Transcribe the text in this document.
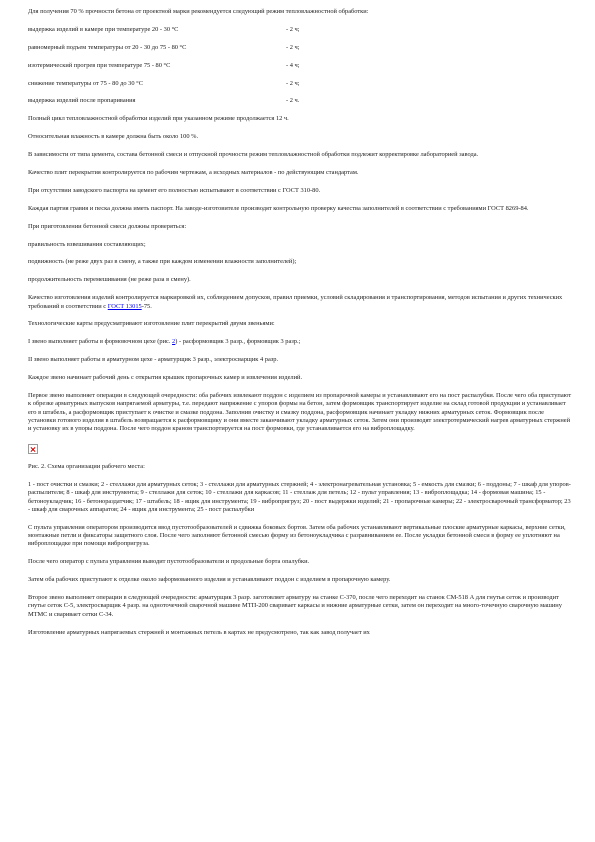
Для получения 70 % прочности бетона от проектной марки рекомендуется следующий режим тепловлажностной обработки:

выдержка изделий в камере при температуре 20 - 30 °С	- 2 ч;
равномерный подъем температуры от 20 - 30 до 75 - 80 °С	- 2 ч;
изотермический прогрев при температуре 75 - 80 °С	- 4 ч;
снижение температуры от 75 - 80 до 30 °С	- 2 ч;
выдержка изделий после пропаривания	- 2 ч.

Полный цикл тепловлажностной обработки изделий при указанном режиме продолжается 12 ч.

Относительная влажность в камере должна быть около 100 %.

В зависимости от типа цемента, состава бетонной смеси и отпускной прочности режим тепловлажностной обработки подлежит корректировке лабораторией завода.

Качество плит перекрытия контролируется по рабочим чертежам, а исходных материалов - по действующим стандартам.

При отсутствии заводского паспорта на цемент его полностью испытывают в соответствии с ГОСТ 310-80.

Каждая партия гравия и песка должна иметь паспорт. На заводе-изготовителе производят контрольную проверку качества заполнителей в соответствии с требованиями ГОСТ 8269-84.

При приготовлении бетонной смеси должны проверяться:

правильность взвешивания составляющих;

подвижность (не реже двух раз в смену, а также при каждом изменении влажности заполнителей);

продолжительность перемешивания (не реже раза в смену).

Качество изготовления изделий контролируется маркировкой их, соблюдением допусков, правил приемки, условий складирования и транспортирования, методов испытания и других технических требований в соответствии с ГОСТ 13015-75.

Технологические карты предусматривают изготовление плит перекрытий двумя звеньями:

I звено выполняет работы в формовочном цехе (рис. 2) - расформовщик 3 разр., формовщик 3 разр.;

II звено выполняет работы в арматурном цехе - арматурщик 3 разр., электросварщик 4 разр.

Каждое звено начинает рабочий день с открытия крышек пропарочных камер и извлечения изделий.

Первое звено выполняет операции в следующей очередности: оба рабочих извлекают поддон с изделием из пропарочной камеры и устанавливают его на пост распалубки. После чего оба приступают к обрезке арматурных выпусков напрягаемой арматуры, т.е. передают напряжение с упоров формы на бетон, затем формовщик транспортирует изделие на склад готовой продукции и устанавливает его в штабель, а расформовщик приступает к очистке и смазке поддона. Заполнив очистку и смазку поддона, расформовщик начинает укладку нижних арматурных сеток. Формовщик после установки готового изделия в штабель возвращается к расформовщику и они вместе заканчивают укладку арматурных сеток. Затем они производят электротермический нагрев арматурных стержней и установку их в упоры поддона. После чего поддон краном транспортируется на пост формовки, где устанавливается его на виброплощадку.

Рис. 2. Схема организации рабочего места:

1 - пост очистки и смазки; 2 - стеллажи для арматурных сеток; 3 - стеллажи для арматурных стержней; 4 - электронагревательная установка; 5 - емкость для смазки; 6 - поддоны; 7 - шкаф для упоров-распылителя; 8 - шкаф для инструмента; 9 - стеллажи для сеток; 10 - стеллажи для каркасов; 11 - стеллаж для петель; 12 - пульт управления; 13 - виброплощадка; 14 - формовая машина; 15 - бетоноукладчик; 16 - бетонораздатчик; 17 - штабель; 18 - ящик для инструмента; 19 - вибропригруз; 20 - пост выдержки изделий; 21 - пропарочные камеры; 22 - электросварочный трансформатор; 23 - шкаф для сварочных аппаратов; 24 - ящик для инструмента; 25 - пост распалубки

С пульта управления оператором производится ввод пустотообразователей и сдвижка боковых бортов. Затем оба рабочих устанавливают вертикальные плоские арматурные каркасы, верхние сетки, монтажные петли и фиксаторы защитного слоя. После чего заполняют бетонной смесью форму из бетоноукладчика с разравниванием ее. После укладки бетонной смеси в форму ее уплотняют на виброплощадке при помощи вибропригруза.

После чего оператор с пульта управления выводит пустотообразователи и продольные борта опалубки.

Затем оба рабочих приступают к отделке около заформованного изделия и устанавливают поддон с изделием в пропарочную камеру.

Второе звено выполняет операции в следующей очередности: арматурщик 3 разр. заготовляет арматуру на станке С-370, после чего переходит на станок СМ-518 А для гнутья сеток и производит гнутье сеток С-5, электросварщик 4 разр. на одноточечной сварочной машине МТП-200 сваривает каркасы и нижние арматурные сетки, затем он переходит на много-точечную сварочную машину МТМС и сваривает сетки С-34.

Изготовление арматурных напрягаемых стержней и монтажных петель в картах не предусмотрено, так как завод получает их
